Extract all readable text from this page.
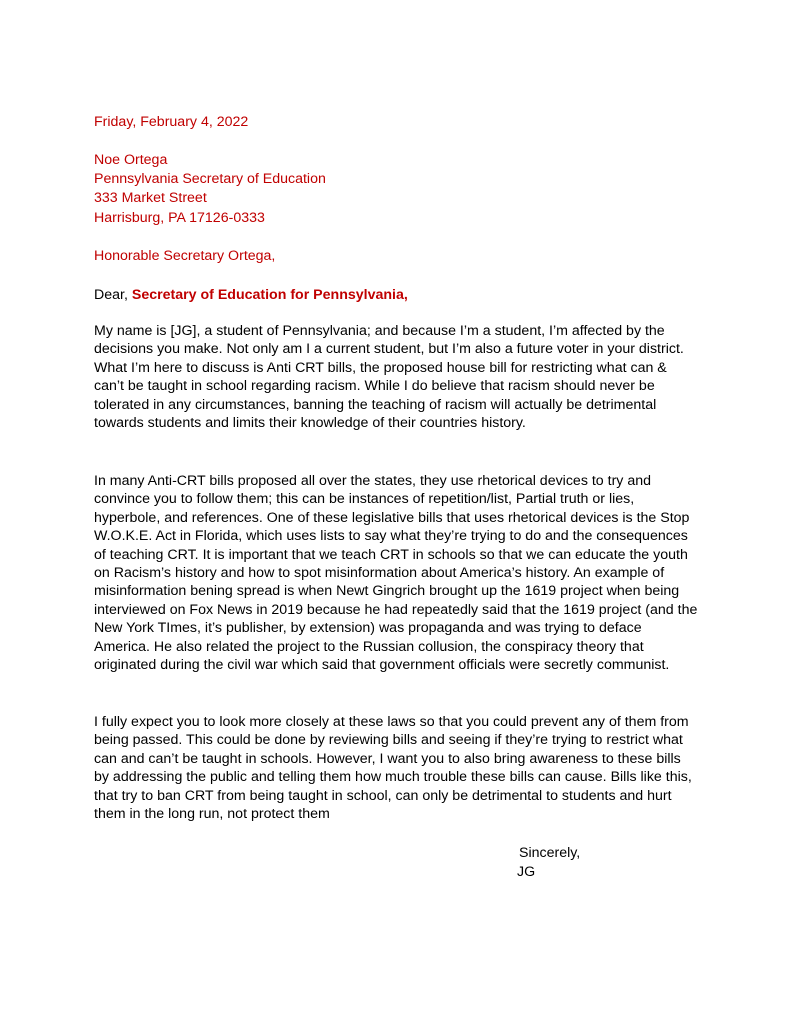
Friday, February 4, 2022
Noe Ortega
Pennsylvania Secretary of Education
333 Market Street
Harrisburg, PA 17126-0333
Honorable Secretary Ortega,
Dear, Secretary of Education for Pennsylvania,
My name is [JG], a student of Pennsylvania; and because I’m a student, I’m affected by the
decisions you make. Not only am I a current student, but I’m also a future voter in your district.
What I’m here to discuss is Anti CRT bills, the proposed house bill for restricting what can &
can’t be taught in school regarding racism. While I do believe that racism should never be
tolerated in any circumstances, banning the teaching of racism will actually be detrimental
towards students and limits their knowledge of their countries history.
In many Anti-CRT bills proposed all over the states, they use rhetorical devices to try and
convince you to follow them; this can be instances of repetition/list, Partial truth or lies,
hyperbole, and references. One of these legislative bills that uses rhetorical devices is the Stop
W.O.K.E. Act in Florida, which uses lists to say what they’re trying to do and the consequences
of teaching CRT. It is important that we teach CRT in schools so that we can educate the youth
on Racism’s history and how to spot misinformation about America’s history. An example of
misinformation bening spread is when Newt Gingrich brought up the 1619 project when being
interviewed on Fox News in 2019 because he had repeatedly said that the 1619 project (and the
New York TImes, it’s publisher, by extension) was propaganda and was trying to deface
America. He also related the project to the Russian collusion, the conspiracy theory that
originated during the civil war which said that government officials were secretly communist.
I fully expect you to look more closely at these laws so that you could prevent any of them from
being passed. This could be done by reviewing bills and seeing if they’re trying to restrict what
can and can’t be taught in schools. However, I want you to also bring awareness to these bills
by addressing the public and telling them how much trouble these bills can cause. Bills like this,
that try to ban CRT from being taught in school, can only be detrimental to students and hurt
them in the long run, not protect them
Sincerely,
JG
